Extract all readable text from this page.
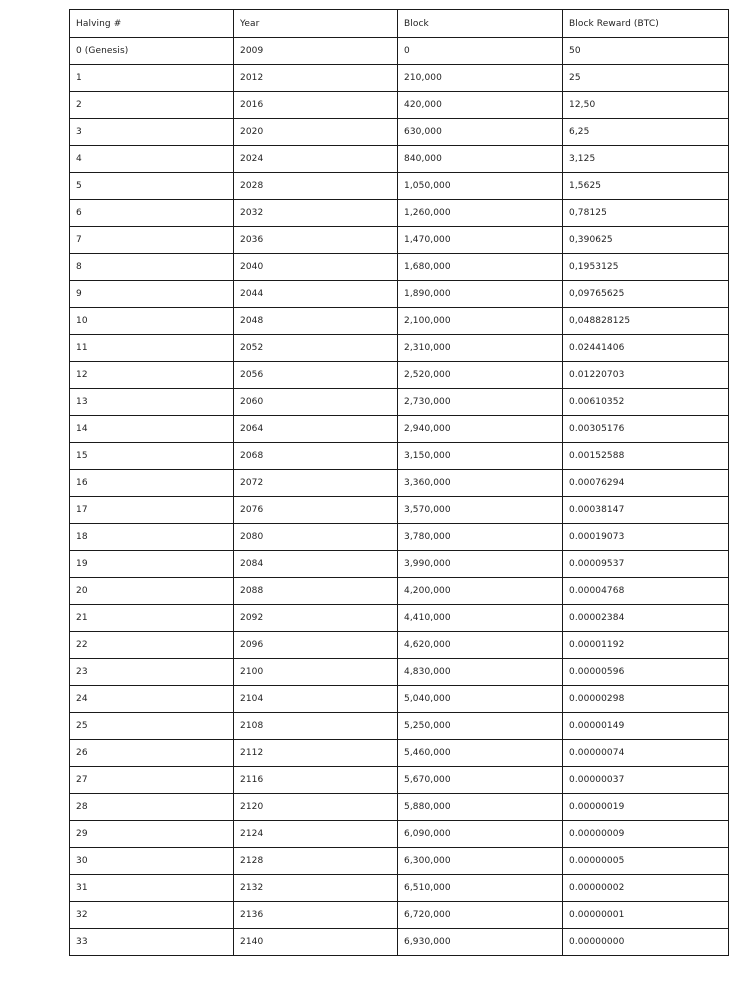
Halving #	Year	Block	Block Reward (BTC)
0 (Genesis)	2009	0	50
1	2012	210,000	25
2	2016	420,000	12,50
3	2020	630,000	6,25
4	2024	840,000	3,125
5	2028	1,050,000	1,5625
6	2032	1,260,000	0,78125
7	2036	1,470,000	0,390625
8	2040	1,680,000	0,1953125
9	2044	1,890,000	0,09765625
10	2048	2,100,000	0,048828125
11	2052	2,310,000	0.02441406
12	2056	2,520,000	0.01220703
13	2060	2,730,000	0.00610352
14	2064	2,940,000	0.00305176
15	2068	3,150,000	0.00152588
16	2072	3,360,000	0.00076294
17	2076	3,570,000	0.00038147
18	2080	3,780,000	0.00019073
19	2084	3,990,000	0.00009537
20	2088	4,200,000	0.00004768
21	2092	4,410,000	0.00002384
22	2096	4,620,000	0.00001192
23	2100	4,830,000	0.00000596
24	2104	5,040,000	0.00000298
25	2108	5,250,000	0.00000149
26	2112	5,460,000	0.00000074
27	2116	5,670,000	0.00000037
28	2120	5,880,000	0.00000019
29	2124	6,090,000	0.00000009
30	2128	6,300,000	0.00000005
31	2132	6,510,000	0.00000002
32	2136	6,720,000	0.00000001
33	2140	6,930,000	0.00000000
